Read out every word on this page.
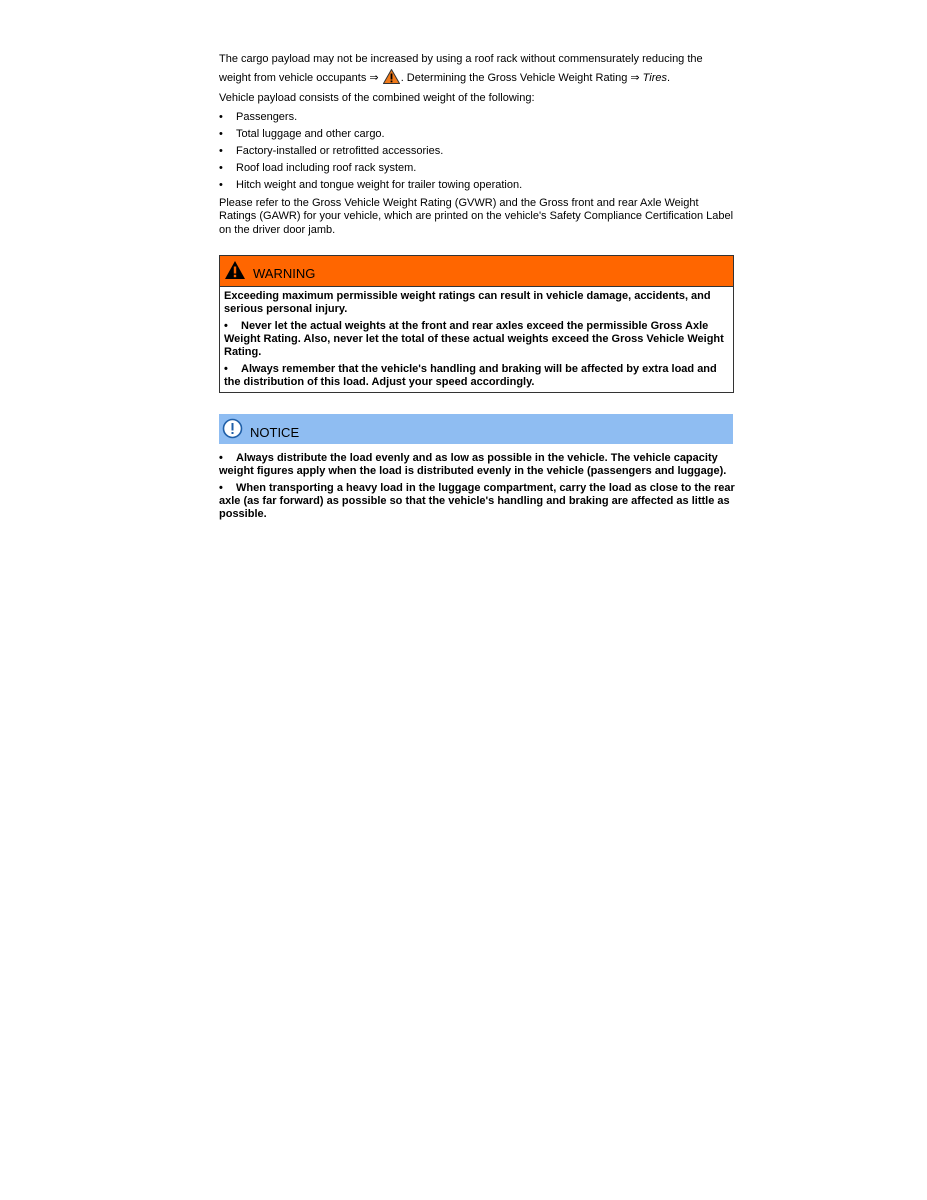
The cargo payload may not be increased by using a roof rack without commensurately reducing the
weight from vehicle occupants ⇒ . Determining the Gross Vehicle Weight Rating ⇒ Tires.

Vehicle payload consists of the combined weight of the following:

• Passengers.
• Total luggage and other cargo.
• Factory-installed or retrofitted accessories.
• Roof load including roof rack system.
• Hitch weight and tongue weight for trailer towing operation.

Please refer to the Gross Vehicle Weight Rating (GVWR) and the Gross front and rear Axle Weight Ratings (GAWR) for your vehicle, which are printed on the vehicle's Safety Compliance Certification Label on the driver door jamb.

WARNING
Exceeding maximum permissible weight ratings can result in vehicle damage, accidents, and serious personal injury.
• Never let the actual weights at the front and rear axles exceed the permissible Gross Axle Weight Rating. Also, never let the total of these actual weights exceed the Gross Vehicle Weight Rating.
• Always remember that the vehicle's handling and braking will be affected by extra load and the distribution of this load. Adjust your speed accordingly.
NOTICE
• Always distribute the load evenly and as low as possible in the vehicle. The vehicle capacity weight figures apply when the load is distributed evenly in the vehicle (passengers and luggage).
• When transporting a heavy load in the luggage compartment, carry the load as close to the rear axle (as far forward) as possible so that the vehicle's handling and braking are affected as little as possible.
